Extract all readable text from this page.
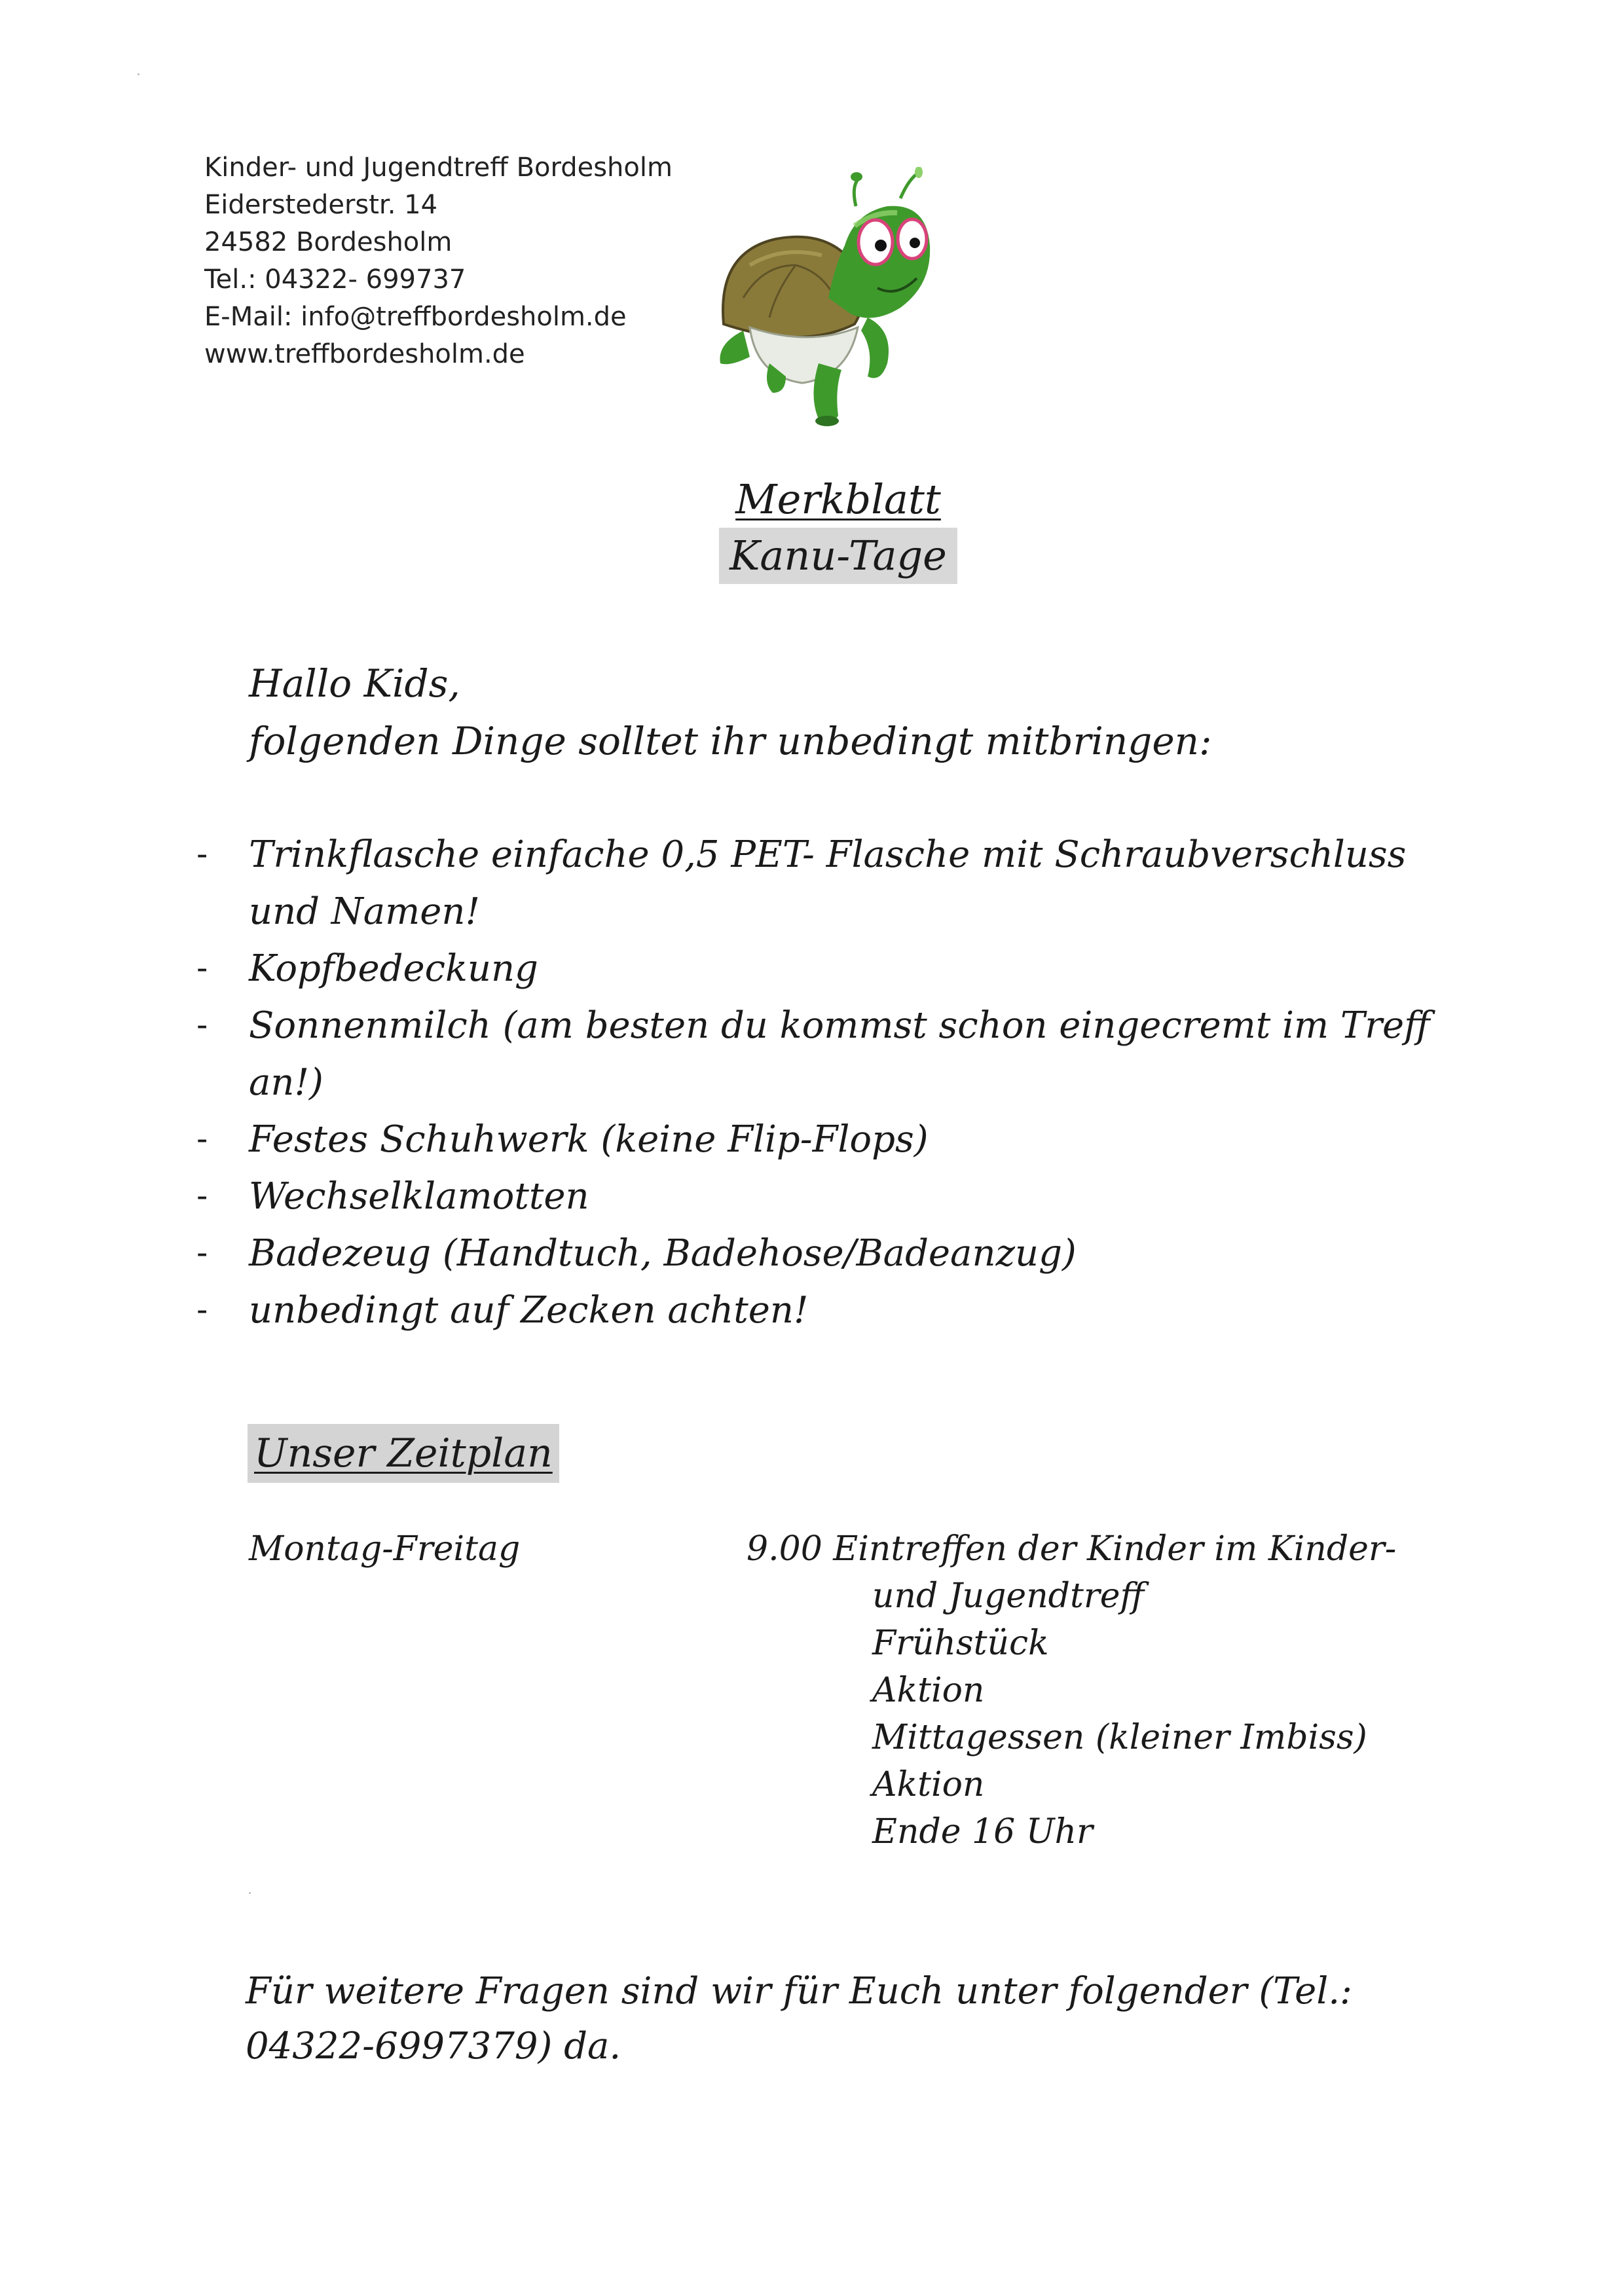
Kinder- und Jugendtreff Bordesholm
Eiderstederstr. 14
24582 Bordesholm
Tel.: 04322- 699737
E-Mail: info@treffbordesholm.de
www.treffbordesholm.de
Merkblatt
Kanu-Tage
Hallo Kids,
folgenden Dinge solltet ihr unbedingt mitbringen:
- Trinkflasche einfache 0,5 PET- Flasche mit Schraubverschluss und Namen!
- Kopfbedeckung
- Sonnenmilch (am besten du kommst schon eingecremt im Treff an!)
- Festes Schuhwerk (keine Flip-Flops)
- Wechselklamotten
- Badezeug (Handtuch, Badehose/Badeanzug)
- unbedingt auf Zecken achten!
Unser Zeitplan
Montag-Freitag	9.00 Eintreffen der Kinder im Kinder-
und Jugendtreff
Frühstück
Aktion
Mittagessen (kleiner Imbiss)
Aktion
Ende 16 Uhr
Für weitere Fragen sind wir für Euch unter folgender (Tel.: 04322-6997379) da.
